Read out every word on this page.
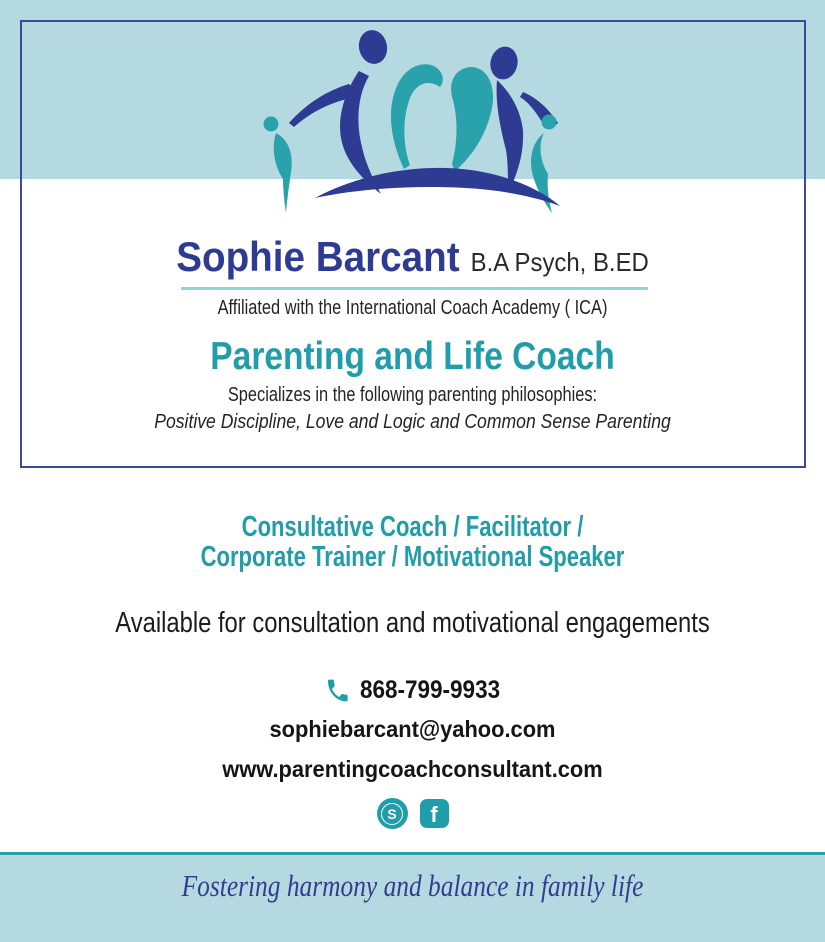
Sophie Barcant B.A Psych, B.ED
Affiliated with the International Coach Academy ( ICA)
Parenting and Life Coach
Specializes in the following parenting philosophies:
Positive Discipline, Love and Logic and Common Sense Parenting
Consultative Coach / Facilitator /
Corporate Trainer / Motivational Speaker
Available for consultation and motivational engagements
868-799-9933
sophiebarcant@yahoo.com
www.parentingcoachconsultant.com
S f
Fostering harmony and balance in family life
